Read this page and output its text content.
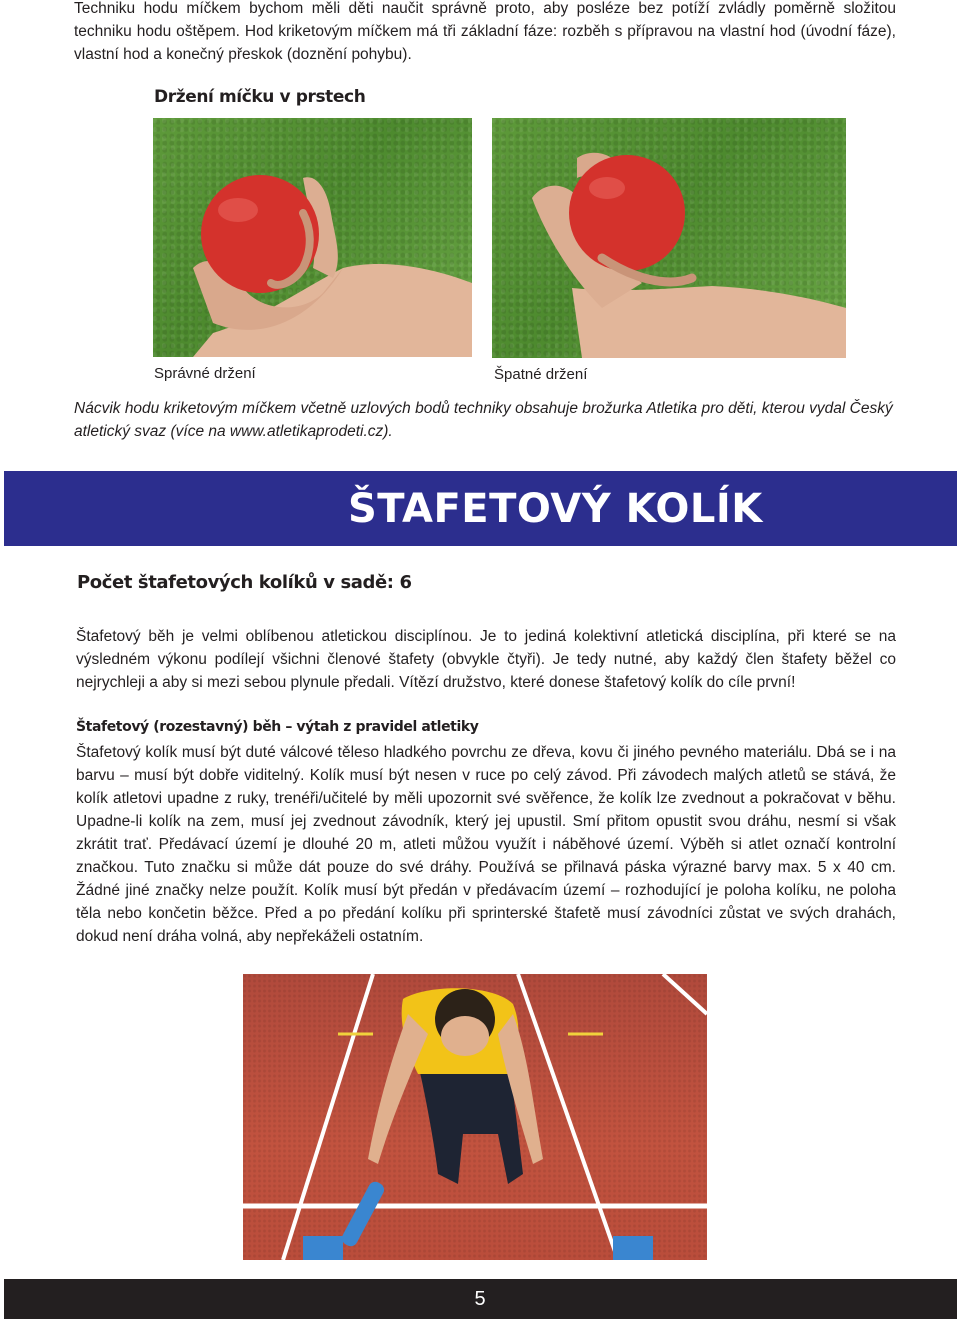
Techniku hodu míčkem bychom měli děti naučit správně proto, aby posléze bez potíží zvládly poměrně složitou techniku hodu oštěpem. Hod kriketovým míčkem má tři základní fáze: rozběh s přípravou na vlastní hod (úvodní fáze), vlastní hod a konečný přeskok (doznění pohybu).
Držení míčku v prstech
Správné držení	Špatné držení
Nácvik hodu kriketovým míčkem včetně uzlových bodů techniky obsahuje brožurka Atletika pro děti, kterou vydal Český atletický svaz (více na www.atletikaprodeti.cz).
ŠTAFETOVÝ KOLÍK
Počet štafetových kolíků v sadě: 6
Štafetový běh je velmi oblíbenou atletickou disciplínou. Je to jediná kolektivní atletická disciplína, při které se na výsledném výkonu podílejí všichni členové štafety (obvykle čtyři). Je tedy nutné, aby každý člen štafety běžel co nejrychleji a aby si mezi sebou plynule předali. Vítězí družstvo, které donese štafetový kolík do cíle první!
Štafetový (rozestavný) běh – výtah z pravidel atletiky
Štafetový kolík musí být duté válcové těleso hladkého povrchu ze dřeva, kovu či jiného pevného materiálu. Dbá se i na barvu – musí být dobře viditelný. Kolík musí být nesen v ruce po celý závod. Při závodech malých atletů se stává, že kolík atletovi upadne z ruky, trenéři/učitelé by měli upozornit své svěřence, že kolík lze zvednout a pokračovat v běhu. Upadne-li kolík na zem, musí jej zvednout závodník, který jej upustil. Smí přitom opustit svou dráhu, nesmí si však zkrátit trať. Předávací území je dlouhé 20 m, atleti můžou využít i náběhové území. Výběh si atlet označí kontrolní značkou. Tuto značku si může dát pouze do své dráhy. Používá se přilnavá páska výrazné barvy max. 5 x 40 cm. Žádné jiné značky nelze použít. Kolík musí být předán v předávacím území – rozhodující je poloha kolíku, ne poloha těla nebo končetin běžce. Před a po předání kolíku při sprinterské štafetě musí závodníci zůstat ve svých drahách, dokud není dráha volná, aby nepřekáželi ostatním.
5
